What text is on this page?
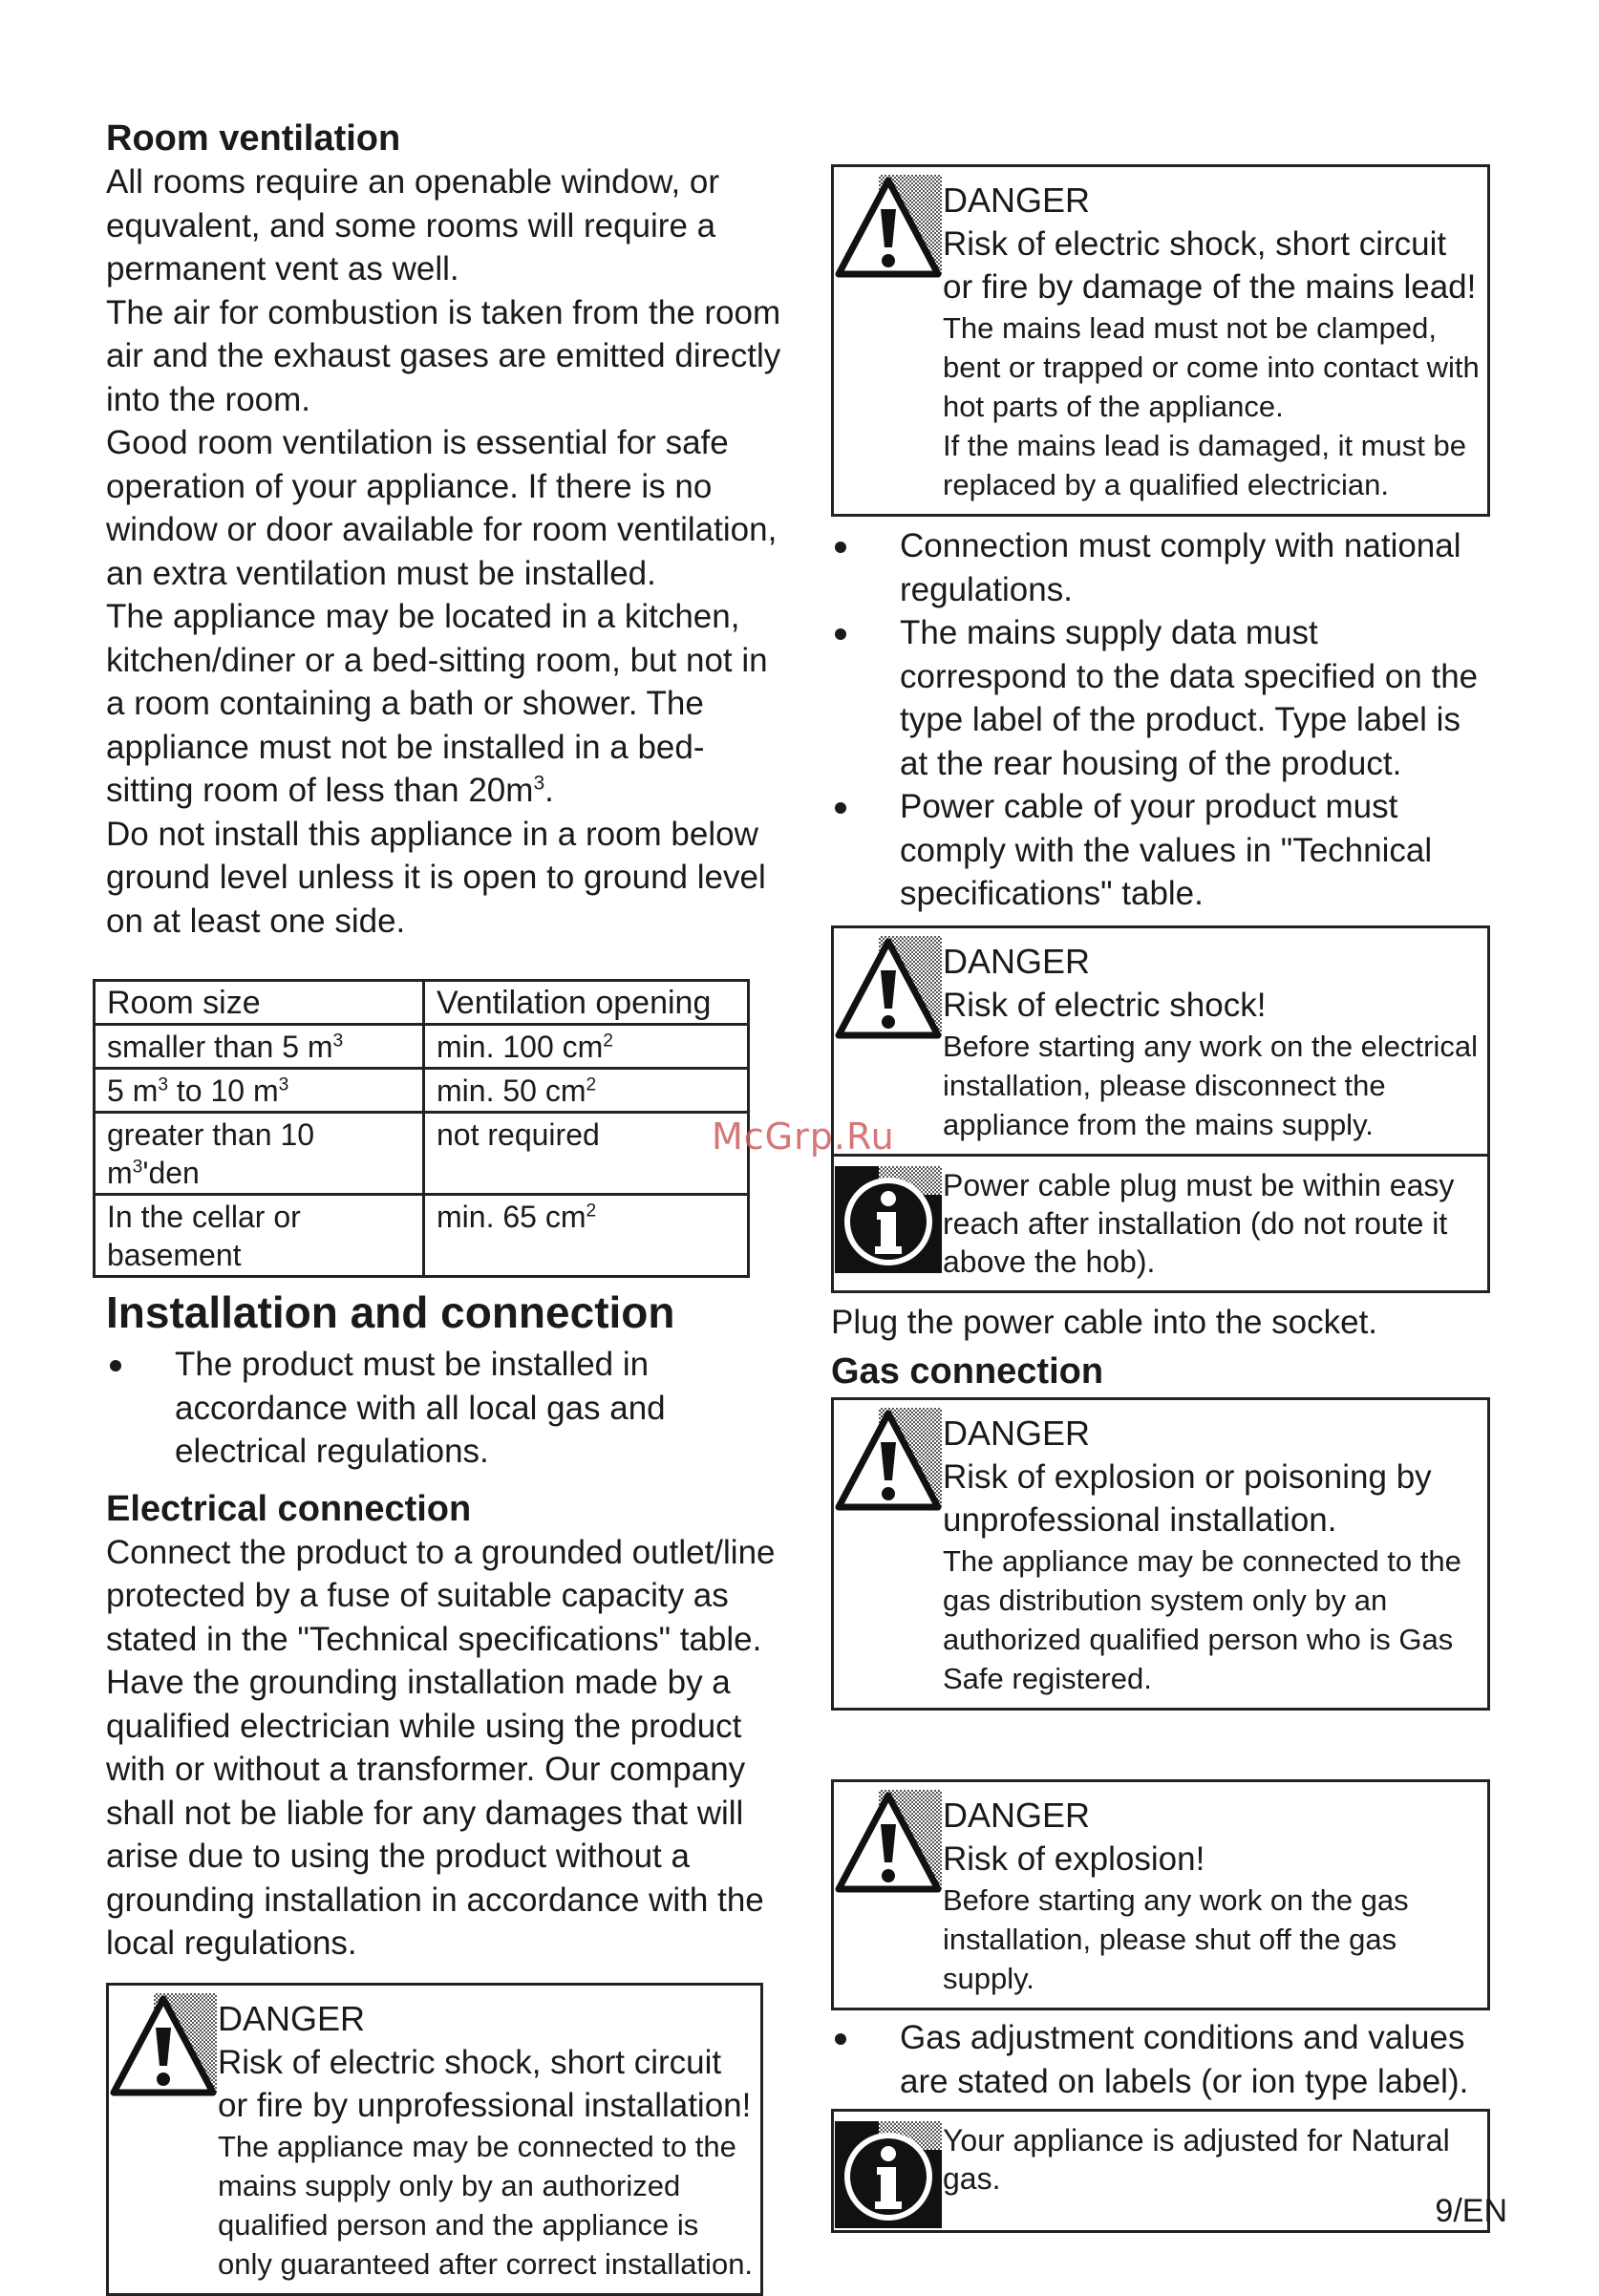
Room ventilation

All rooms require an openable window, or equvalent, and some rooms will require a permanent vent as well.

The air for combustion is taken from the room air and the exhaust gases are emitted directly into the room.

Good room ventilation is essential for safe operation of your appliance. If there is no window or door available for room ventilation, an extra ventilation must be installed.

The appliance may be located in a kitchen, kitchen/diner or a bed-sitting room, but not in a room containing a bath or shower. The appliance must not be installed in a bed-sitting room of less than $20m^3$.

Do not install this appliance in a room below ground level unless it is open to ground level on at least one side.

Room size	Ventilation opening
smaller than 5 $m^3$	min. 100 $cm^2$
5 $m^3$ to 10 $m^3$	min. 50 $cm^2$
greater than 10 $m^3'den$	not required
In the cellar or basement	min. 65 $cm^2$
Installation and connection
The product must be installed in accordance with all local gas and electrical regulations.
Electrical connection

Connect the product to a grounded outlet/line protected by a fuse of suitable capacity as stated in the "Technical specifications" table. Have the grounding installation made by a qualified electrician while using the product with or without a transformer. Our company shall not be liable for any damages that will arise due to using the product without a grounding installation in accordance with the local regulations.

DANGER
Risk of electric shock, short circuit or fire by unprofessional installation!
The appliance may be connected to the mains supply only by an authorized qualified person and the appliance is only guaranteed after correct installation.
DANGER
Risk of electric shock, short circuit or fire by damage of the mains lead!
The mains lead must not be clamped, bent or trapped or come into contact with hot parts of the appliance.
If the mains lead is damaged, it must be replaced by a qualified electrician.
Connection must comply with national regulations.
The mains supply data must correspond to the data specified on the type label of the product. Type label is at the rear housing of the product.
Power cable of your product must comply with the values in "Technical specifications" table.
DANGER
Risk of electric shock!
Before starting any work on the electrical installation, please disconnect the appliance from the mains supply.
Power cable plug must be within easy reach after installation (do not route it above the hob).

Plug the power cable into the socket.

Gas connection
DANGER
Risk of explosion or poisoning by unprofessional installation.
The appliance may be connected to the gas distribution system only by an authorized qualified person who is Gas Safe registered.
DANGER
Risk of explosion!
Before starting any work on the gas installation, please shut off the gas supply.
Gas adjustment conditions and values are stated on labels (or ion type label).
Your appliance is adjusted for Natural gas.
McGrp.Ru
9/EN
